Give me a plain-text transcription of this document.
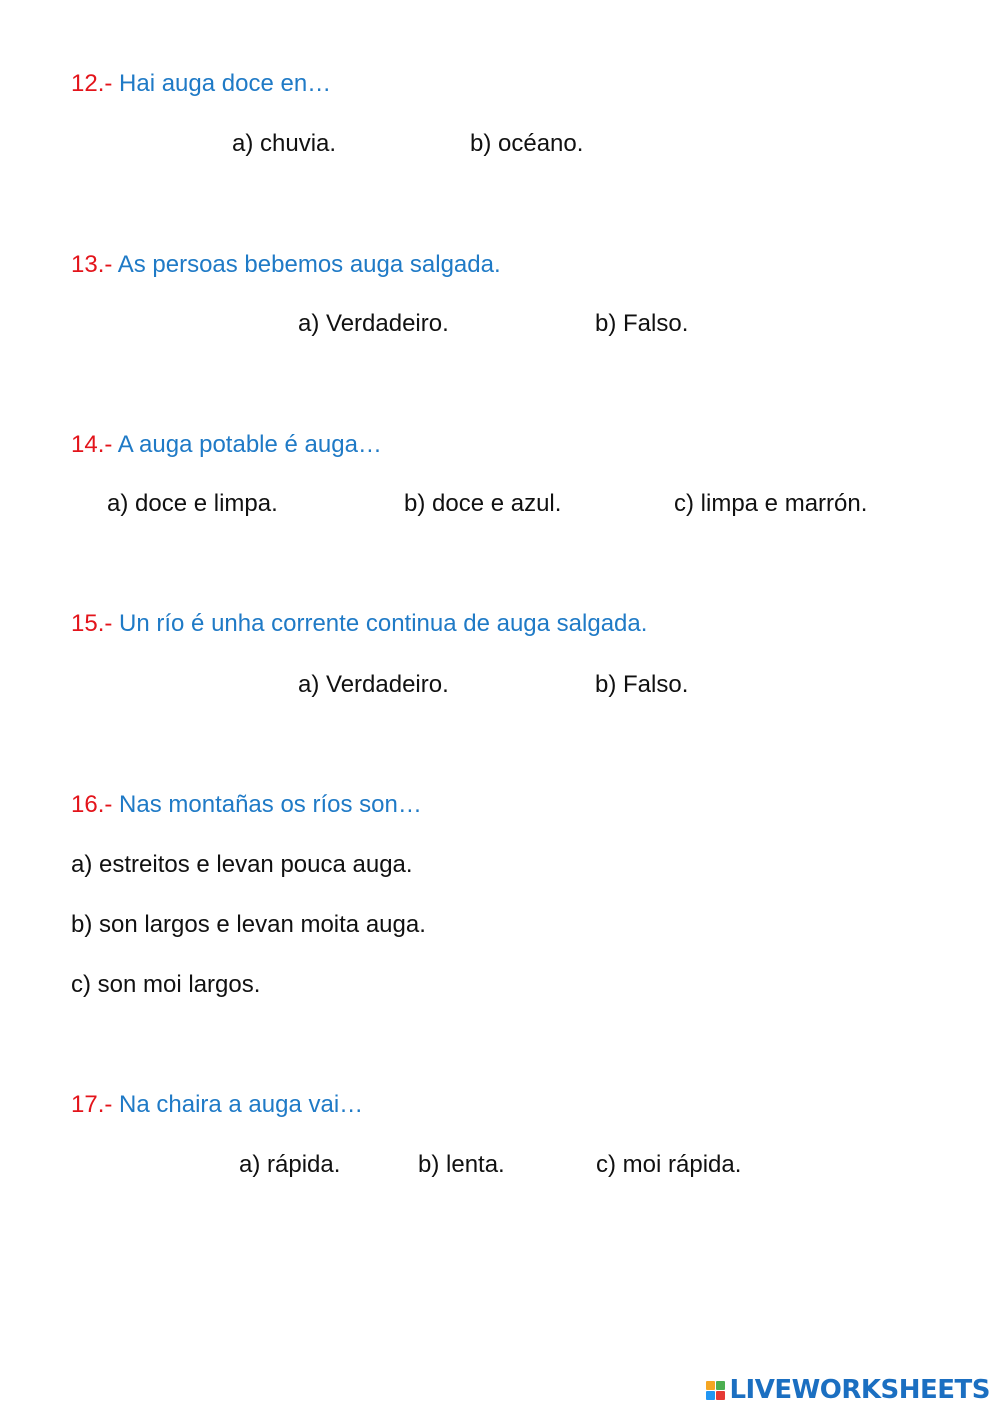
12.- Hai auga doce en…
a) chuvia.	b) océano.
13.- As persoas bebemos auga salgada.
a) Verdadeiro.	b) Falso.
14.- A auga potable é auga…
a) doce e limpa.	b) doce e azul.	c) limpa e marrón.
15.- Un río é unha corrente continua de auga salgada.
a) Verdadeiro.	b) Falso.
16.- Nas montañas os ríos son…
a) estreitos e levan pouca auga.
b) son largos e levan moita auga.
c) son moi largos.
17.- Na chaira a auga vai…
a) rápida.	b) lenta.	c) moi rápida.
LIVEWORKSHEETS
